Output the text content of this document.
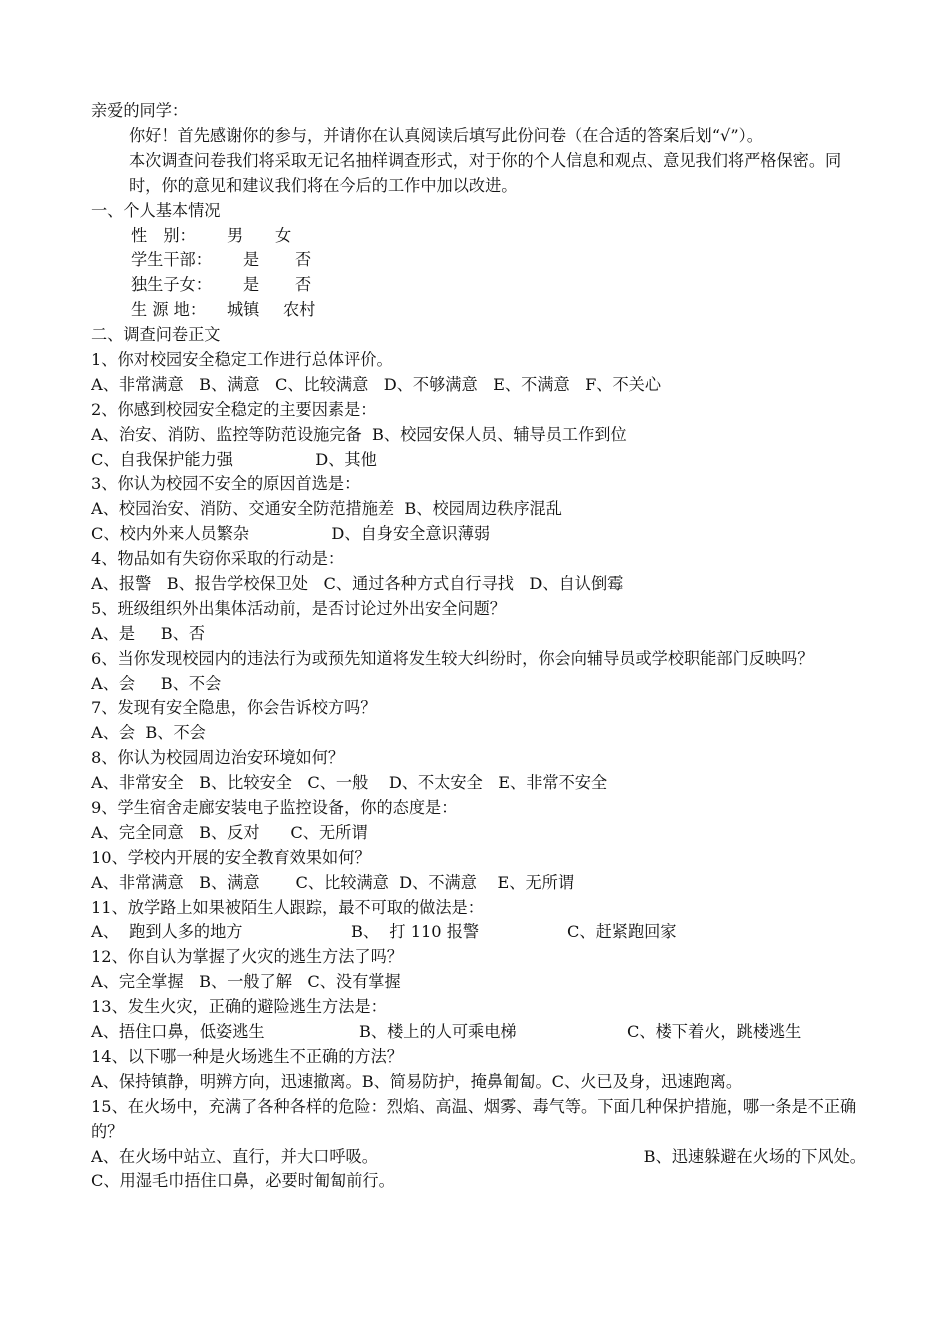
亲爱的同学：
你好！首先感谢你的参与，并请你在认真阅读后填写此份问卷（在合适的答案后划“√”）。
本次调查问卷我们将采取无记名抽样调查形式，对于你的个人信息和观点、意见我们将严格保密。同时，你的意见和建议我们将在今后的工作中加以改进。
一、个人基本情况
性　别：	男	女
学生干部：	是	否
独生子女：	是	否
生 源 地：	城镇	农村
二、调查问卷正文
1、你对校园安全稳定工作进行总体评价。
A、非常满意   B、满意   C、比较满意   D、不够满意   E、不满意   F、不关心
2、你感到校园安全稳定的主要因素是：
A、治安、消防、监控等防范设施完备  B、校园安保人员、辅导员工作到位
C、自我保护能力强                D、其他
3、你认为校园不安全的原因首选是：
A、校园治安、消防、交通安全防范措施差  B、校园周边秩序混乱
C、校内外来人员繁杂                D、自身安全意识薄弱
4、物品如有失窃你采取的行动是：
A、报警   B、报告学校保卫处   C、通过各种方式自行寻找   D、自认倒霉
5、班级组织外出集体活动前，是否讨论过外出安全问题？
A、是     B、否
6、当你发现校园内的违法行为或预先知道将发生较大纠纷时，你会向辅导员或学校职能部门反映吗？
A、会     B、不会
7、发现有安全隐患，你会告诉校方吗？
A、会  B、不会
8、你认为校园周边治安环境如何？
A、非常安全   B、比较安全   C、一般    D、不太安全   E、非常不安全
9、学生宿舍走廊安装电子监控设备，你的态度是：
A、完全同意   B、反对      C、无所谓
10、学校内开展的安全教育效果如何？
A、非常满意   B、满意       C、比较满意  D、不满意    E、无所谓
11、放学路上如果被陌生人跟踪，最不可取的做法是：
A、  跑到人多的地方	B、  打 110 报警	C、赶紧跑回家
12、你自认为掌握了火灾的逃生方法了吗？
A、完全掌握   B、一般了解   C、没有掌握
13、发生火灾，正确的避险逃生方法是：
A、捂住口鼻，低姿逃生	B、楼上的人可乘电梯	C、楼下着火，跳楼逃生
14、以下哪一种是火场逃生不正确的方法？
A、保持镇静，明辨方向，迅速撤离。B、简易防护，掩鼻匍匐。C、火已及身，迅速跑离。
15、在火场中，充满了各种各样的危险：烈焰、高温、烟雾、毒气等。下面几种保护措施，哪一条是不正确的？
A、在火场中站立、直行，并大口呼吸。	B、迅速躲避在火场的下风处。
C、用湿毛巾捂住口鼻，必要时匍匐前行。
